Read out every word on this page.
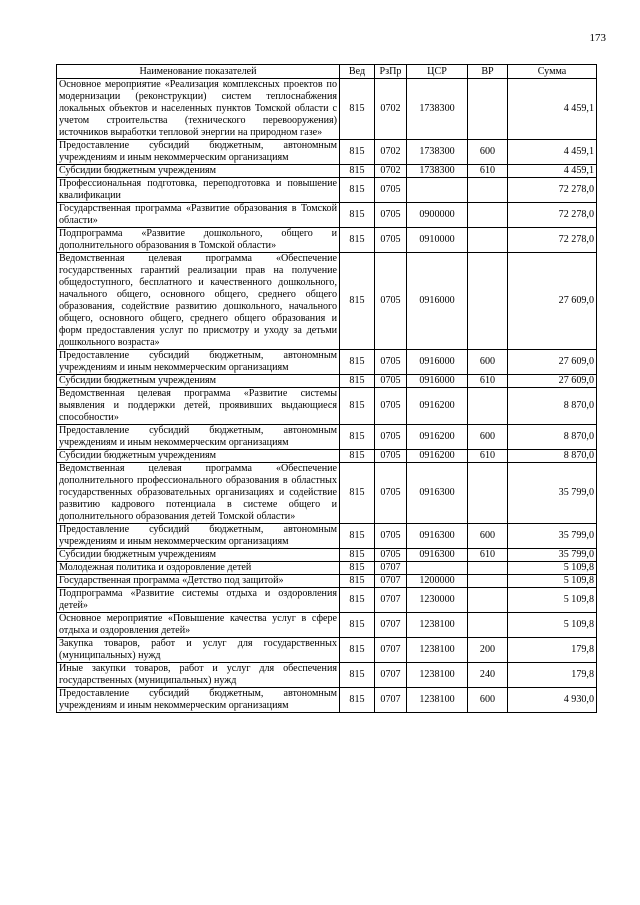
173
Наименование показателей	Вед	РзПр	ЦСР	ВР	Сумма
Основное мероприятие «Реализация комплексных проектов по модернизации (реконструкции) систем теплоснабжения локальных объектов и населенных пунктов Томской области с учетом строительства (технического перевооружения) источников выработки тепловой энергии на природном газе»	815	0702	1738300		4 459,1
Предоставление субсидий бюджетным, автономным учреждениям и иным некоммерческим организациям	815	0702	1738300	600	4 459,1
Субсидии бюджетным учреждениям	815	0702	1738300	610	4 459,1
Профессиональная подготовка, переподготовка и повышение квалификации	815	0705			72 278,0
Государственная программа «Развитие образования в Томской области»	815	0705	0900000		72 278,0
Подпрограмма «Развитие дошкольного, общего и дополнительного образования в Томской области»	815	0705	0910000		72 278,0
Ведомственная целевая программа «Обеспечение государственных гарантий реализации прав на получение общедоступного, бесплатного и качественного дошкольного, начального общего, основного общего, среднего общего образования, содействие развитию дошкольного, начального общего, основного общего, среднего общего образования и форм предоставления услуг по присмотру и уходу за детьми дошкольного возраста»	815	0705	0916000		27 609,0
Предоставление субсидий бюджетным, автономным учреждениям и иным некоммерческим организациям	815	0705	0916000	600	27 609,0
Субсидии бюджетным учреждениям	815	0705	0916000	610	27 609,0
Ведомственная целевая программа «Развитие системы выявления и поддержки детей, проявивших выдающиеся способности»	815	0705	0916200		8 870,0
Предоставление субсидий бюджетным, автономным учреждениям и иным некоммерческим организациям	815	0705	0916200	600	8 870,0
Субсидии бюджетным учреждениям	815	0705	0916200	610	8 870,0
Ведомственная целевая программа «Обеспечение дополнительного профессионального образования в областных государственных образовательных организациях и содействие развитию кадрового потенциала в системе общего и дополнительного образования детей Томской области»	815	0705	0916300		35 799,0
Предоставление субсидий бюджетным, автономным учреждениям и иным некоммерческим организациям	815	0705	0916300	600	35 799,0
Субсидии бюджетным учреждениям	815	0705	0916300	610	35 799,0
Молодежная политика и оздоровление детей	815	0707			5 109,8
Государственная программа «Детство под защитой»	815	0707	1200000		5 109,8
Подпрограмма «Развитие системы отдыха и оздоровления детей»	815	0707	1230000		5 109,8
Основное мероприятие «Повышение качества услуг в сфере отдыха и оздоровления детей»	815	0707	1238100		5 109,8
Закупка товаров, работ и услуг для государственных (муниципальных) нужд	815	0707	1238100	200	179,8
Иные закупки товаров, работ и услуг для обеспечения государственных (муниципальных) нужд	815	0707	1238100	240	179,8
Предоставление субсидий бюджетным, автономным учреждениям и иным некоммерческим организациям	815	0707	1238100	600	4 930,0
